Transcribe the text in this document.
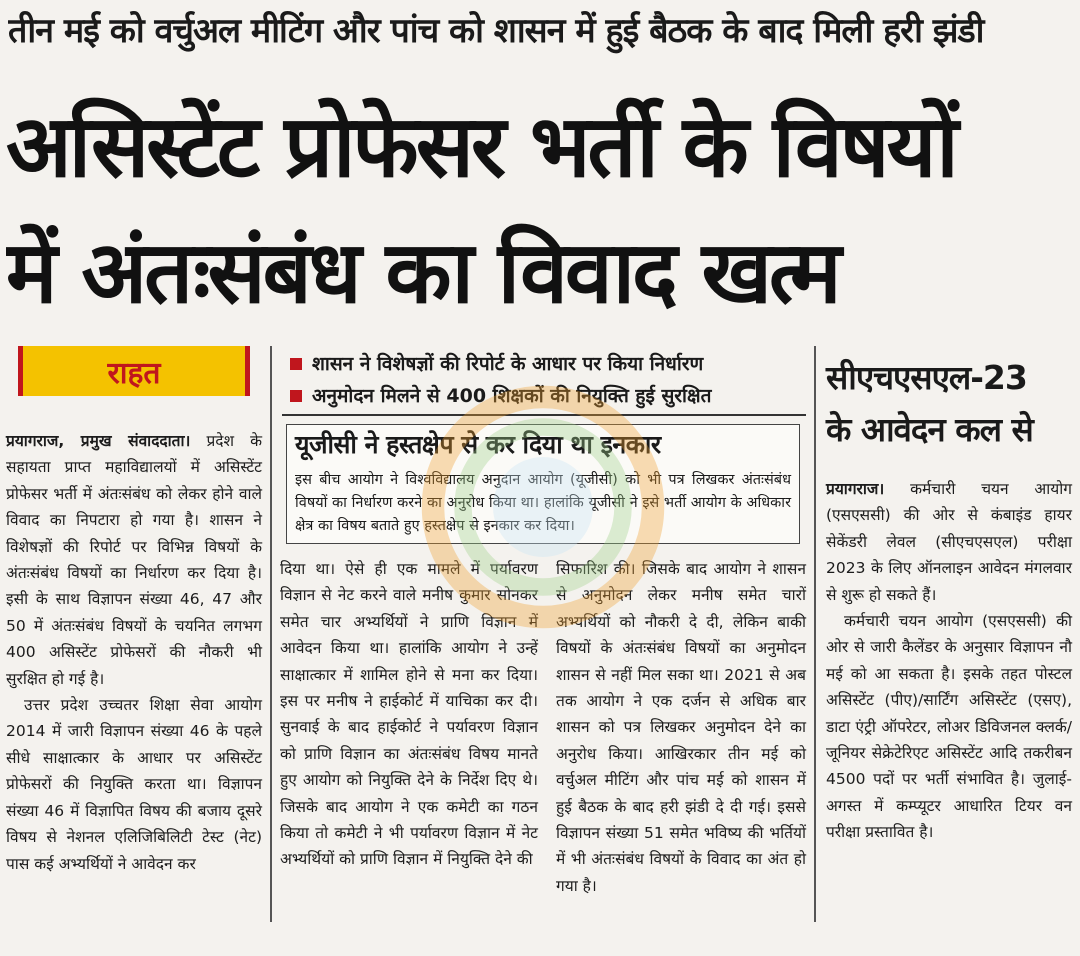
तीन मई को वर्चुअल मीटिंग और पांच को शासन में हुई बैठक के बाद मिली हरी झंडी
असिस्टेंट प्रोफेसर भर्ती के विषयों
में अंतःसंबंध का विवाद खत्म
राहत	शासन ने विशेषज्ञों की रिपोर्ट के आधार पर किया निर्धारण
अनुमोदन मिलने से 400 शिक्षकों की नियुक्ति हुई सुरक्षित
यूजीसी ने हस्तक्षेप से कर दिया था इनकार
इस बीच आयोग ने विश्वविद्यालय अनुदान आयोग (यूजीसी) को भी पत्र लिखकर अंतःसंबंध विषयों का निर्धारण करने का अनुरोध किया था। हालांकि यूजीसी ने इसे भर्ती आयोग के अधिकार क्षेत्र का विषय बताते हुए हस्तक्षेप से इनकार कर दिया।

प्रयागराज, प्रमुख संवाददाता। प्रदेश के सहायता प्राप्त महाविद्यालयों में असिस्टेंट प्रोफेसर भर्ती में अंतःसंबंध को लेकर होने वाले विवाद का निपटारा हो गया है। शासन ने विशेषज्ञों की रिपोर्ट पर विभिन्न विषयों के अंतःसंबंध विषयों का निर्धारण कर दिया है। इसी के साथ विज्ञापन संख्या 46, 47 और 50 में अंतःसंबंध विषयों के चयनित लगभग 400 असिस्टेंट प्रोफेसरों की नौकरी भी सुरक्षित हो गई है।

उत्तर प्रदेश उच्चतर शिक्षा सेवा आयोग 2014 में जारी विज्ञापन संख्या 46 के पहले सीधे साक्षात्कार के आधार पर असिस्टेंट प्रोफेसरों की नियुक्ति करता था। विज्ञापन संख्या 46 में विज्ञापित विषय की बजाय दूसरे विषय से नेशनल एलिजिबिलिटी टेस्ट (नेट) पास कई अभ्यर्थियों ने आवेदन कर

दिया था। ऐसे ही एक मामले में पर्यावरण विज्ञान से नेट करने वाले मनीष कुमार सोनकर समेत चार अभ्यर्थियों ने प्राणि विज्ञान में आवेदन किया था। हालांकि आयोग ने उन्हें साक्षात्कार में शामिल होने से मना कर दिया। इस पर मनीष ने हाईकोर्ट में याचिका कर दी। सुनवाई के बाद हाईकोर्ट ने पर्यावरण विज्ञान को प्राणि विज्ञान का अंतःसंबंध विषय मानते हुए आयोग को नियुक्ति देने के निर्देश दिए थे। जिसके बाद आयोग ने एक कमेटी का गठन किया तो कमेटी ने भी पर्यावरण विज्ञान में नेट अभ्यर्थियों को प्राणि विज्ञान में नियुक्ति देने की

सिफारिश की। जिसके बाद आयोग ने शासन से अनुमोदन लेकर मनीष समेत चारों अभ्यर्थियों को नौकरी दे दी, लेकिन बाकी विषयों के अंतःसंबंध विषयों का अनुमोदन शासन से नहीं मिल सका था। 2021 से अब तक आयोग ने एक दर्जन से अधिक बार शासन को पत्र लिखकर अनुमोदन देने का अनुरोध किया। आखिरकार तीन मई को वर्चुअल मीटिंग और पांच मई को शासन में हुई बैठक के बाद हरी झंडी दे दी गई। इससे विज्ञापन संख्या 51 समेत भविष्य की भर्तियों में भी अंतःसंबंध विषयों के विवाद का अंत हो गया है।

सीएचएसएल-23
के आवेदन कल से

प्रयागराज। कर्मचारी चयन आयोग (एसएससी) की ओर से कंबाइंड हायर सेकेंडरी लेवल (सीएचएसएल) परीक्षा 2023 के लिए ऑनलाइन आवेदन मंगलवार से शुरू हो सकते हैं।

कर्मचारी चयन आयोग (एसएससी) की ओर से जारी कैलेंडर के अनुसार विज्ञापन नौ मई को आ सकता है। इसके तहत पोस्टल असिस्टेंट (पीए)/सार्टिंग असिस्टेंट (एसए), डाटा एंट्री ऑपरेटर, लोअर डिविजनल क्लर्क/जूनियर सेक्रेटेरिएट असिस्टेंट आदि तकरीबन 4500 पदों पर भर्ती संभावित है। जुलाई-अगस्त में कम्प्यूटर आधारित टियर वन परीक्षा प्रस्तावित है।
